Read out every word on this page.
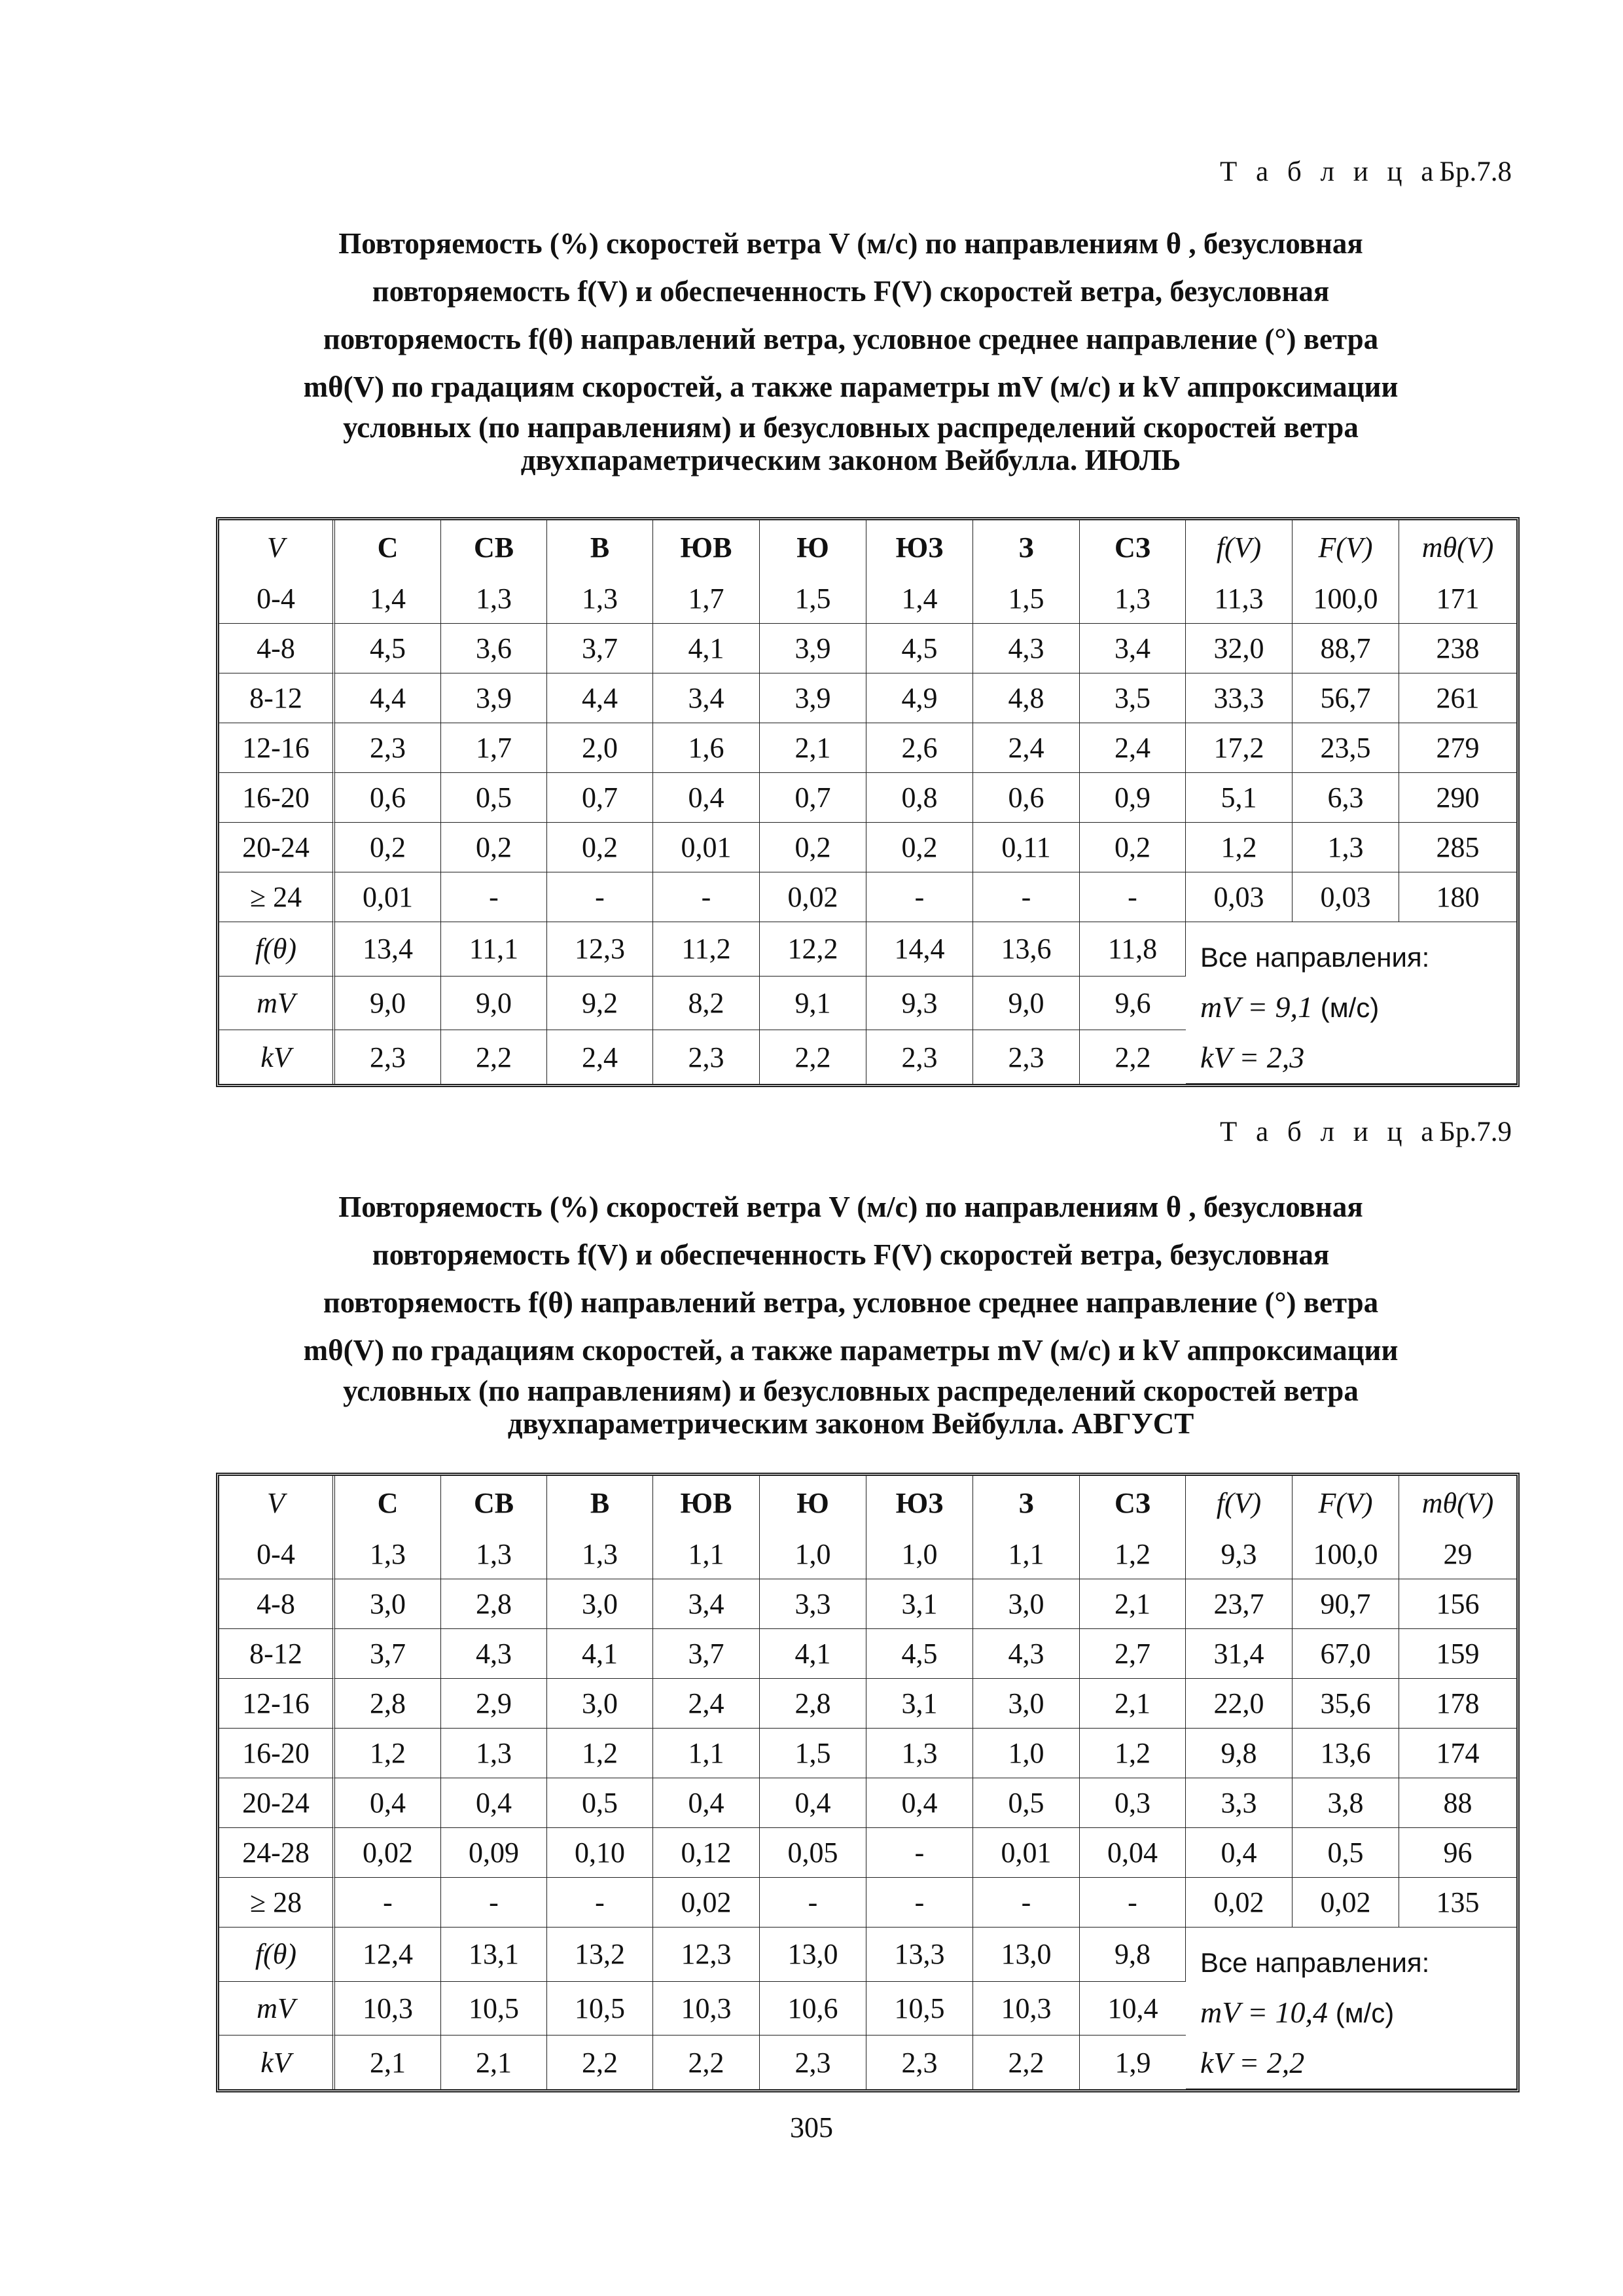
Т а б л и ц аБр.7.8
Повторяемость (%) скоростей ветра V (м/с) по направлениям θ , безусловная
повторяемость f(V) и обеспеченность F(V) скоростей ветра, безусловная
повторяемость f(θ) направлений ветра, условное среднее направление (°) ветра
mθ(V) по градациям скоростей, а также параметры mV (м/с) и kV аппроксимации
условных (по направлениям) и безусловных распределений скоростей ветра
двухпараметрическим законом Вейбулла. ИЮЛЬ
V	С	СВ	В	ЮВ	Ю	ЮЗ	З	СЗ	f(V)	F(V)	mθ(V)
0-4	1,4	1,3	1,3	1,7	1,5	1,4	1,5	1,3	11,3	100,0	171
4-8	4,5	3,6	3,7	4,1	3,9	4,5	4,3	3,4	32,0	88,7	238
8-12	4,4	3,9	4,4	3,4	3,9	4,9	4,8	3,5	33,3	56,7	261
12-16	2,3	1,7	2,0	1,6	2,1	2,6	2,4	2,4	17,2	23,5	279
16-20	0,6	0,5	0,7	0,4	0,7	0,8	0,6	0,9	5,1	6,3	290
20-24	0,2	0,2	0,2	0,01	0,2	0,2	0,11	0,2	1,2	1,3	285
≥ 24	0,01	-	-	-	0,02	-	-	-	0,03	0,03	180
f(θ)	13,4	11,1	12,3	11,2	12,2	14,4	13,6	11,8	Все направления:
mV = 9,1 (м/с)
kV = 2,3		

mV	9,0	9,0	9,2	8,2	9,1	9,3	9,0	9,6			
kV	2,3	2,2	2,4	2,3	2,2	2,3	2,3	2,2			
Т а б л и ц аБр.7.9
Повторяемость (%) скоростей ветра V (м/с) по направлениям θ , безусловная
повторяемость f(V) и обеспеченность F(V) скоростей ветра, безусловная
повторяемость f(θ) направлений ветра, условное среднее направление (°) ветра
mθ(V) по градациям скоростей, а также параметры mV (м/с) и kV аппроксимации
условных (по направлениям) и безусловных распределений скоростей ветра
двухпараметрическим законом Вейбулла. АВГУСТ
V	С	СВ	В	ЮВ	Ю	ЮЗ	З	СЗ	f(V)	F(V)	mθ(V)
0-4	1,3	1,3	1,3	1,1	1,0	1,0	1,1	1,2	9,3	100,0	29
4-8	3,0	2,8	3,0	3,4	3,3	3,1	3,0	2,1	23,7	90,7	156
8-12	3,7	4,3	4,1	3,7	4,1	4,5	4,3	2,7	31,4	67,0	159
12-16	2,8	2,9	3,0	2,4	2,8	3,1	3,0	2,1	22,0	35,6	178
16-20	1,2	1,3	1,2	1,1	1,5	1,3	1,0	1,2	9,8	13,6	174
20-24	0,4	0,4	0,5	0,4	0,4	0,4	0,5	0,3	3,3	3,8	88
24-28	0,02	0,09	0,10	0,12	0,05	-	0,01	0,04	0,4	0,5	96
≥ 28	-	-	-	0,02	-	-	-	-	0,02	0,02	135
f(θ)	12,4	13,1	13,2	12,3	13,0	13,3	13,0	9,8	Все направления:
mV = 10,4 (м/с)
kV = 2,2		

mV	10,3	10,5	10,5	10,3	10,6	10,5	10,3	10,4			
kV	2,1	2,1	2,2	2,2	2,3	2,3	2,2	1,9			
305
